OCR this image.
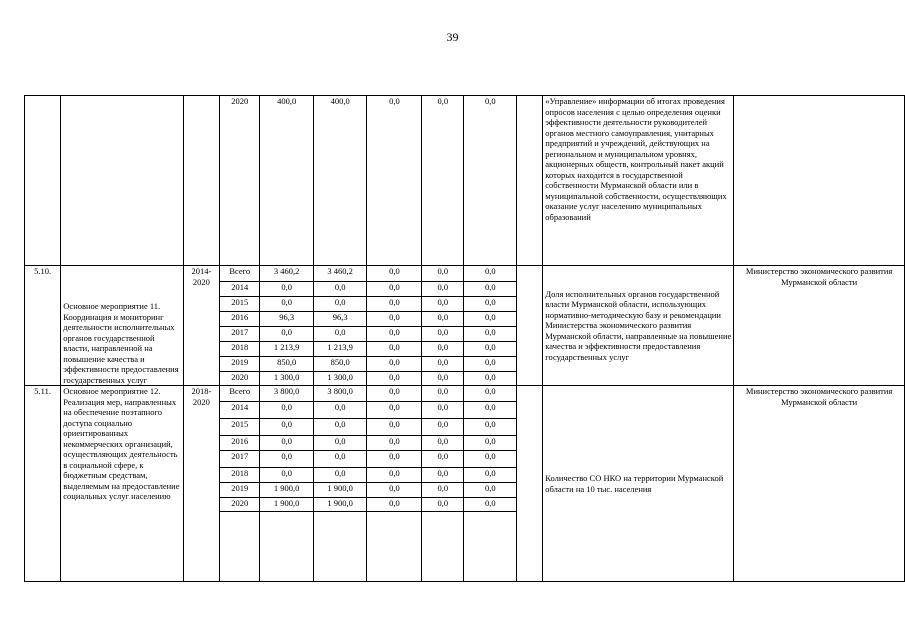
39
			2020	400,0	400,0	0,0	0,0	0,0		«Управление» информации об итогах проведения опросов населения с целью определения оценки эффективности деятельности руководителей органов местного самоуправления, унитарных предприятий и учреждений, действующих на региональном и муниципальном уровнях, акционерных обществ, контрольный пакет акций которых находится в государственной собственности Мурманской области или в муниципальной собственности, осуществляющих оказание услуг населению муниципальных образований	
5.10.	Основное мероприятие 11. Координация и мониторинг деятельности исполнительных органов государственной власти, направленной на повышение качества и эффективности предоставления государственных услуг	2014-2020	Всего	3 460,2	3 460,2	0,0	0,0	0,0		Доля исполнительных органов государственной власти Мурманской области, использующих нормативно-методическую базу и рекомендации Министерства экономического развития Мурманской области, направленные на повышение качества и эффективности предоставления государственных услуг	Министерство экономического развития Мурманской области
			2014	0,0	0,0	0,0	0,0	0,0			
			2015	0,0	0,0	0,0	0,0	0,0			
			2016	96,3	96,3	0,0	0,0	0,0			
			2017	0,0	0,0	0,0	0,0	0,0			
			2018	1 213,9	1 213,9	0,0	0,0	0,0			
			2019	850,0	850,0	0,0	0,0	0,0			
			2020	1 300,0	1 300,0	0,0	0,0	0,0			
5.11.	Основное мероприятие 12. Реализация мер, направленных на обеспечение поэтапного доступа социально ориентированных некоммерческих организаций, осуществляющих деятельность в социальной сфере, к бюджетным средствам, выделяемым на предоставление социальных услуг населению	2018-2020	Всего	3 800,0	3 800,0	0,0	0,0	0,0		Количество СО НКО на территории Мурманской области на 10 тыс. населения	Министерство экономического развития Мурманской области
			2014	0,0	0,0	0,0	0,0	0,0			
			2015	0,0	0,0	0,0	0,0	0,0			
			2016	0,0	0,0	0,0	0,0	0,0			
			2017	0,0	0,0	0,0	0,0	0,0			
			2018	0,0	0,0	0,0	0,0	0,0			
			2019	1 900,0	1 900,0	0,0	0,0	0,0			
			2020	1 900,0	1 900,0	0,0	0,0	0,0			
